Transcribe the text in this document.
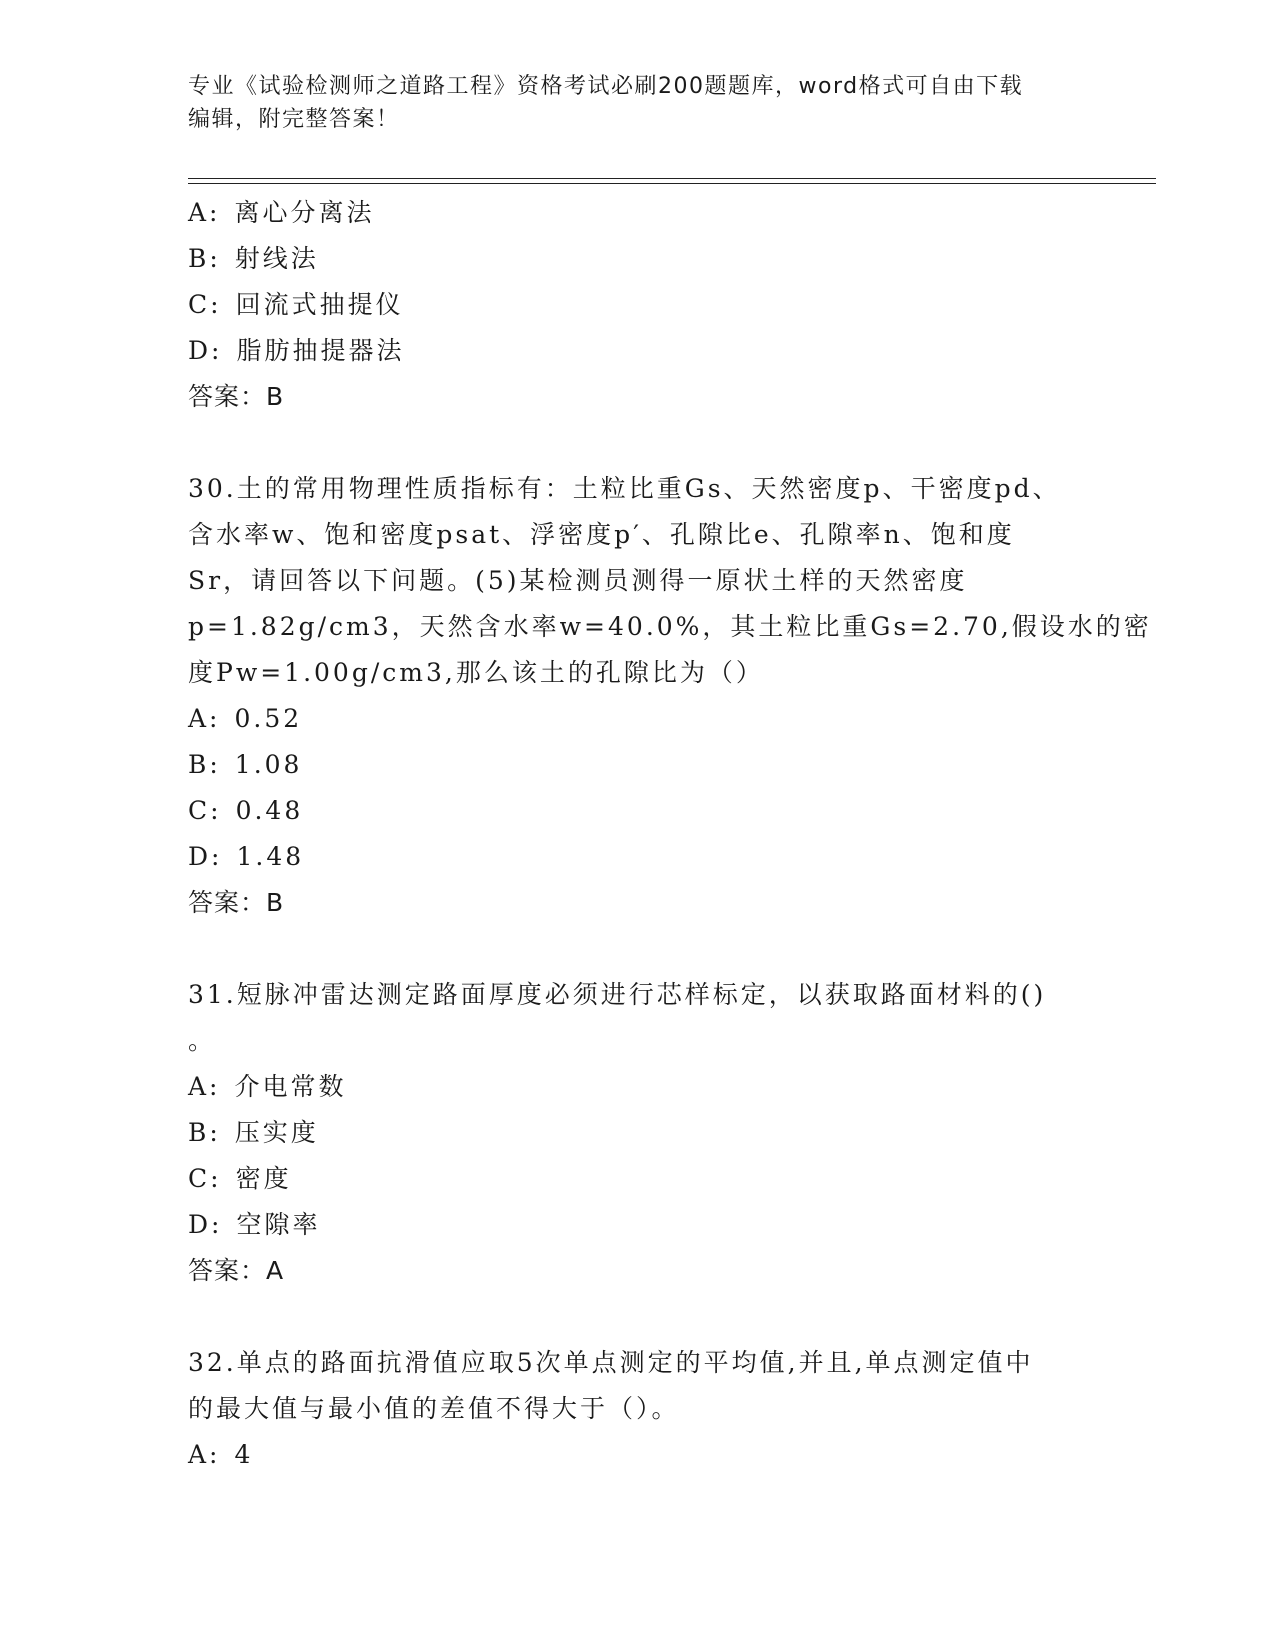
专业《试验检测师之道路工程》资格考试必刷200题题库，word格式可自由下载
编辑，附完整答案！
A: 离心分离法
B: 射线法
C: 回流式抽提仪
D: 脂肪抽提器法
答案：B
30.土的常用物理性质指标有：土粒比重Gs、天然密度p、干密度pd、
含水率w、饱和密度psat、浮密度p′、孔隙比e、孔隙率n、饱和度
Sr，请回答以下问题。(5)某检测员测得一原状土样的天然密度
p=1.82g/cm3，天然含水率w=40.0%，其土粒比重Gs=2.70,假设水的密
度Pw=1.00g/cm3,那么该土的孔隙比为（）
A: 0.52
B: 1.08
C: 0.48
D: 1.48
答案：B
31.短脉冲雷达测定路面厚度必须进行芯样标定，以获取路面材料的()
。
A: 介电常数
B: 压实度
C: 密度
D: 空隙率
答案：A
32.单点的路面抗滑值应取5次单点测定的平均值,并且,单点测定值中
的最大值与最小值的差值不得大于（）。
A: 4
